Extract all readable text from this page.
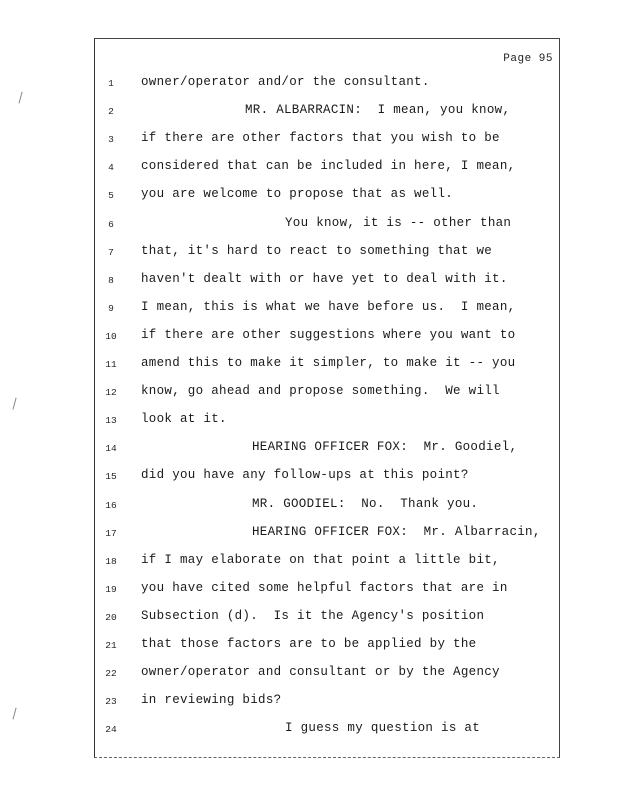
Page 95
1	owner/operator and/or the consultant.
2	MR. ALBARRACIN:  I mean, you know,
3	if there are other factors that you wish to be
4	considered that can be included in here, I mean,
5	you are welcome to propose that as well.
6	You know, it is -- other than
7	that, it's hard to react to something that we
8	haven't dealt with or have yet to deal with it.
9	I mean, this is what we have before us.  I mean,
10	if there are other suggestions where you want to
11	amend this to make it simpler, to make it -- you
12	know, go ahead and propose something.  We will
13	look at it.
14	HEARING OFFICER FOX:  Mr. Goodiel,
15	did you have any follow-ups at this point?
16	MR. GOODIEL:  No.  Thank you.
17	HEARING OFFICER FOX:  Mr. Albarracin,
18	if I may elaborate on that point a little bit,
19	you have cited some helpful factors that are in
20	Subsection (d).  Is it the Agency's position
21	that those factors are to be applied by the
22	owner/operator and consultant or by the Agency
23	in reviewing bids?
24	I guess my question is at
